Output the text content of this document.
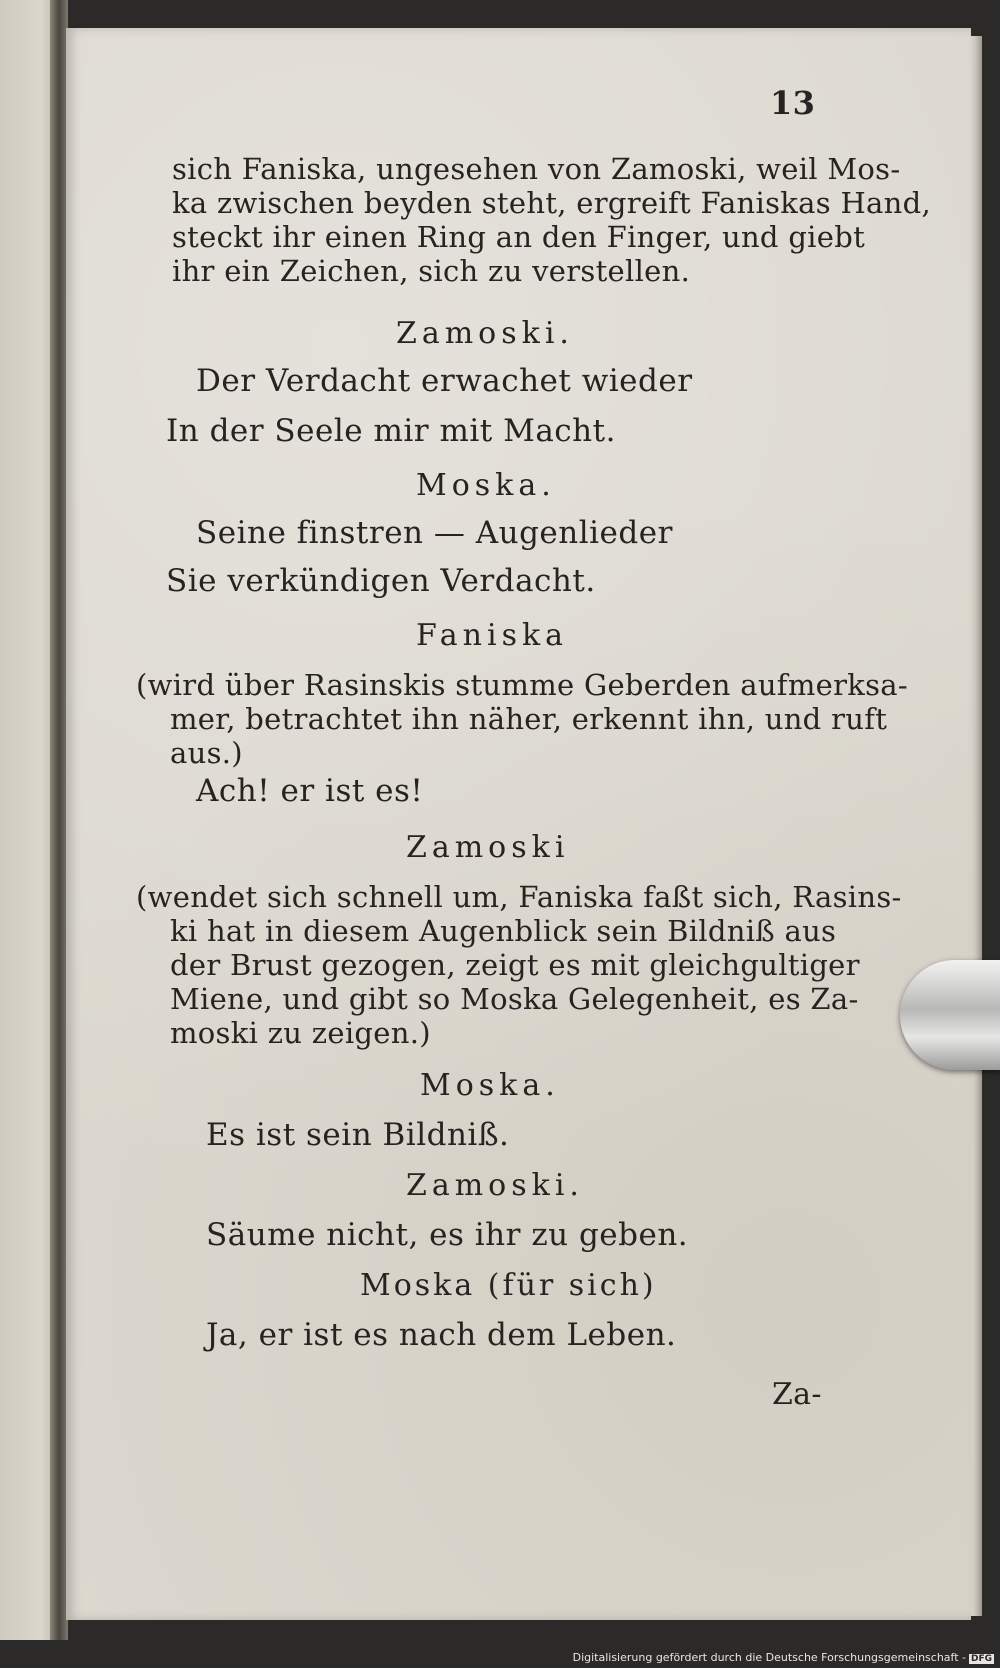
13
sich Faniska, ungesehen von Zamoski, weil Mos-
ka zwischen beyden steht, ergreift Faniskas Hand,
steckt ihr einen Ring an den Finger, und giebt
ihr ein Zeichen, sich zu verstellen.
Zamoski.
Der Verdacht erwachet wieder
In der Seele mir mit Macht.
Moska.
Seine finstren — Augenlieder
Sie verkündigen Verdacht.
Faniska
(wird über Rasinskis stumme Geberden aufmerksa-
mer, betrachtet ihn näher, erkennt ihn, und ruft
aus.)
Ach! er ist es!
Zamoski
(wendet sich schnell um, Faniska faßt sich, Rasins-
ki hat in diesem Augenblick sein Bildniß aus
der Brust gezogen, zeigt es mit gleichgultiger
Miene, und gibt so Moska Gelegenheit, es Za-
moski zu zeigen.)
Moska.
Es ist sein Bildniß.
Zamoski.
Säume nicht, es ihr zu geben.
Moska (für sich)
Ja, er ist es nach dem Leben.
Za-
Digitalisierung gefördert durch die Deutsche Forschungsgemeinschaft - DFG
